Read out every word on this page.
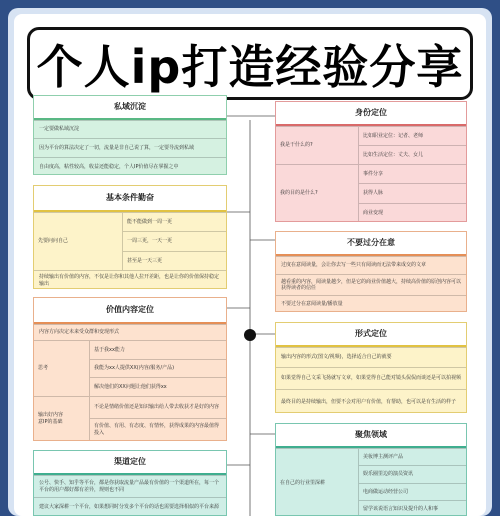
个人ip打造经验分享
私域沉淀
一定要做私域沉淀
因为平台的算法决定了一切，流量是非自己说了算，一定要导流到私域
自由度高，粘性较高，收益还能稳定，个人IP价值尽在掌握之中
基本条件勤奋
先要问问自己
能不能做到一周一更
一周三更，一天一更
甚至是一天三更
持续输出有价值的内容，不仅是让你和其他人拉开差距，也是让你的价值保持稳定输出
价值内容定位
内容方向决定未来受众群和变现形式
思考
基于我xx能力
我能为xx人提供XX(内容/服务/产品)
解决他们的XX问题让他们获得xx
输出好内容
意IP的基础
不论是情绪价值还是知识输出给人带去收获才是好的内容
有价值、有用、有态度、有情怀，获得成果的内容最值得投入
渠道定位
公号、快手、知乎等平台，都是你获取流量产品最有价值的一个渠道所在，每一个平台的用户都好都有差异，规则也不同
建议大家深耕一个平台，如果想同时分发多个平台的话也需要选择相似的平台来源
身份定位
我是干什么的?
比如职业定位：记者、老师
比如生活定位：丈夫、女儿
我的目的是什么?
事件分享
获得人脉
商业变现
不要过分在意
过度在意阅读量，会让你去写一些只有阅读而无法带来成交的文章
越看重的内容，阅读量越少，但是它的商业价值越大，持续高价值的原创内容可以获得读者的信任
不要过分在意阅读量/播放量
形式定位
输出内容的形式(图文/视频)，选择适合自己的就要
如果觉得自己文采飞扬就写文章，如果觉得自己能对镜头侃侃而谈还是可以拍视频
最终目的是持续输出，但要不会对用户有价值，有帮助，也可以是有生活的样子
聚焦领域
在自己的行业里深耕
美妆博主测评产品
娱乐圈里边的演员资讯
电商做运动经营公司
留学该说语言知识及提升的人和事
